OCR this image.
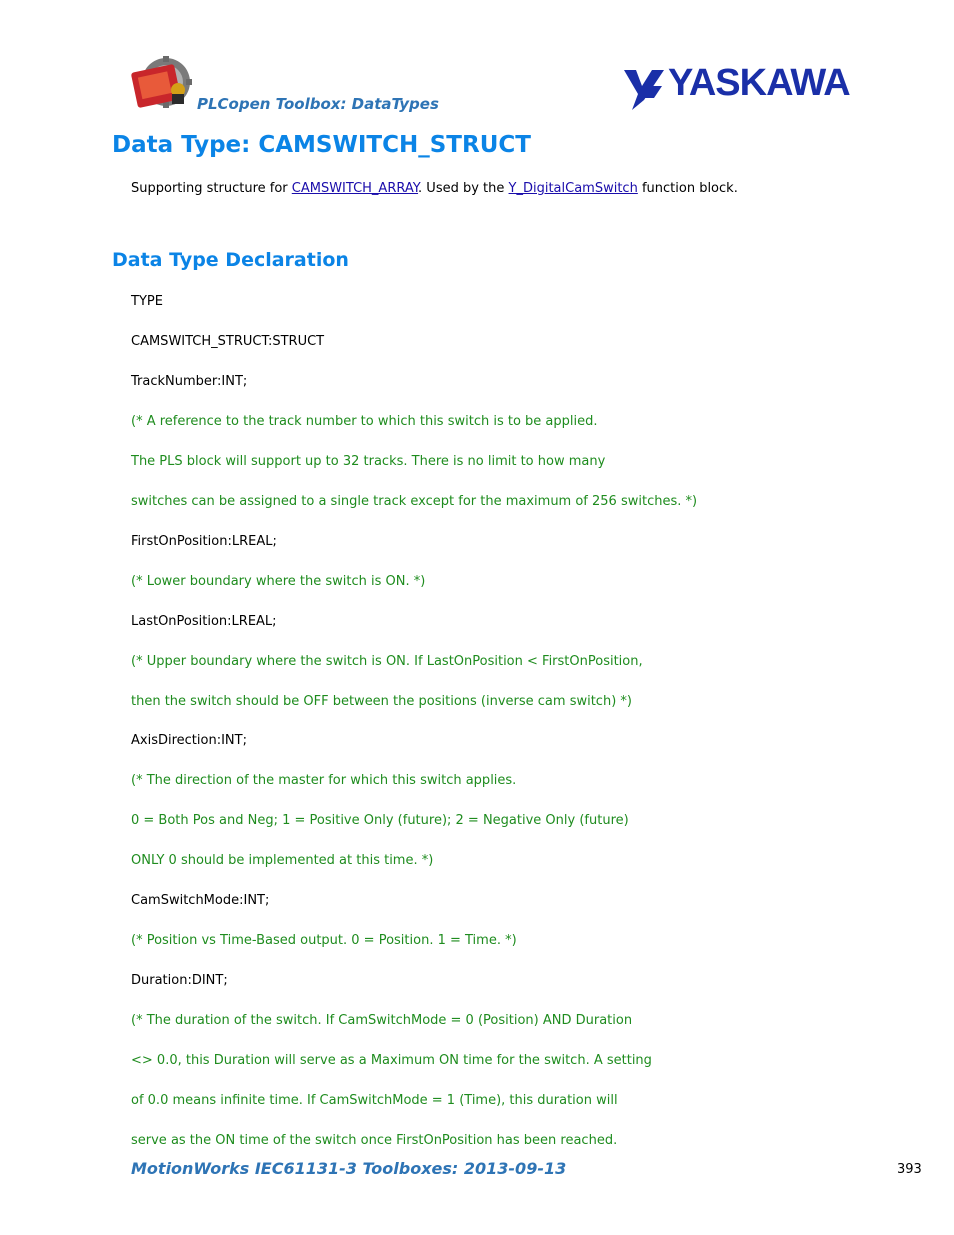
PLCopen Toolbox: DataTypes	YASKAWA
Data Type: CAMSWITCH_STRUCT
Supporting structure for CAMSWITCH_ARRAY. Used by the Y_DigitalCamSwitch function block.
Data Type Declaration
TYPE
CAMSWITCH_STRUCT:STRUCT
TrackNumber:INT;
(* A reference to the track number to which this switch is to be applied.
The PLS block will support up to 32 tracks. There is no limit to how many
switches can be assigned to a single track except for the maximum of 256 switches. *)
FirstOnPosition:LREAL;
(* Lower boundary where the switch is ON. *)
LastOnPosition:LREAL;
(* Upper boundary where the switch is ON. If LastOnPosition < FirstOnPosition,
then the switch should be OFF between the positions (inverse cam switch) *)
AxisDirection:INT;
(* The direction of the master for which this switch applies.
0 = Both Pos and Neg; 1 = Positive Only (future); 2 = Negative Only (future)
ONLY 0 should be implemented at this time. *)
CamSwitchMode:INT;
(* Position vs Time-Based output. 0 = Position. 1 = Time. *)
Duration:DINT;
(* The duration of the switch. If CamSwitchMode = 0 (Position) AND Duration
<> 0.0, this Duration will serve as a Maximum ON time for the switch. A setting
of 0.0 means infinite time. If CamSwitchMode = 1 (Time), this duration will
serve as the ON time of the switch once FirstOnPosition has been reached.
MotionWorks IEC61131-3 Toolboxes: 2013-09-13	393
